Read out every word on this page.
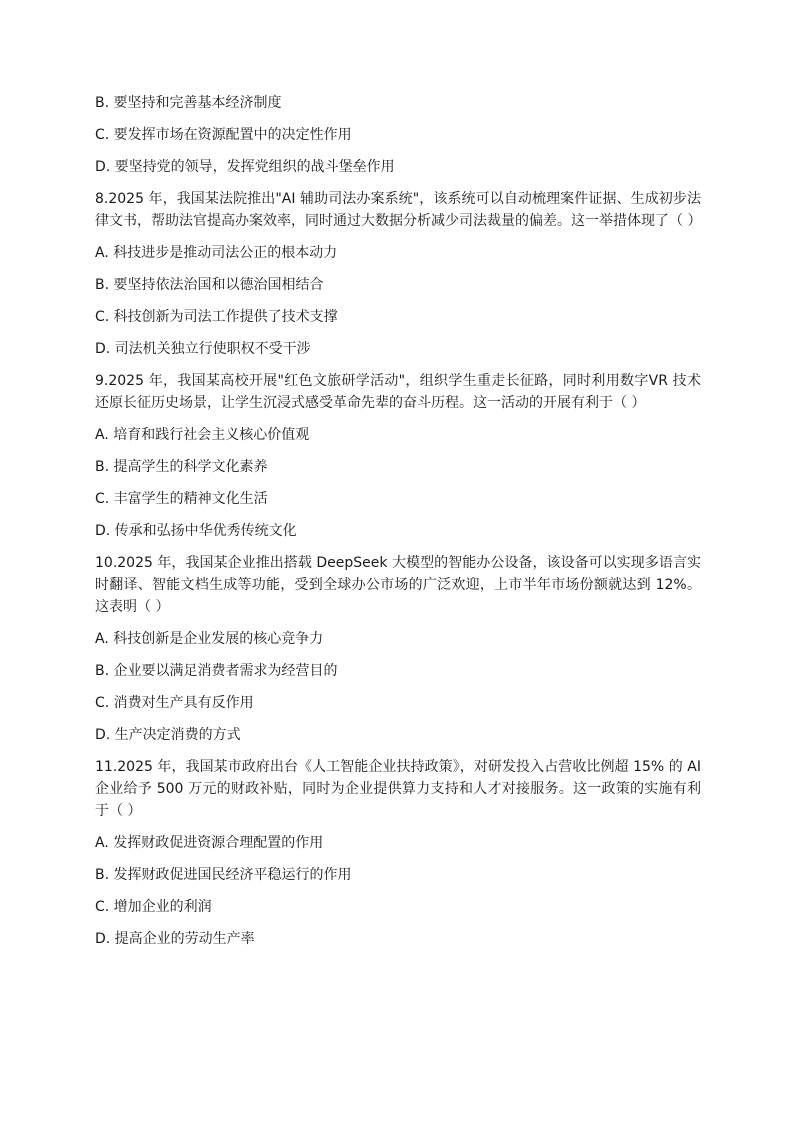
B. 要坚持和完善基本经济制度

C. 要发挥市场在资源配置中的决定性作用

D. 要坚持党的领导，发挥党组织的战斗堡垒作用

8.2025 年，我国某法院推出"AI 辅助司法办案系统"，该系统可以自动梳理案件证据、生成初步法律文书，帮助法官提高办案效率，同时通过大数据分析减少司法裁量的偏差。这一举措体现了（ ）

A. 科技进步是推动司法公正的根本动力

B. 要坚持依法治国和以德治国相结合

C. 科技创新为司法工作提供了技术支撑

D. 司法机关独立行使职权不受干涉

9.2025 年，我国某高校开展"红色文旅研学活动"，组织学生重走长征路，同时利用数字VR 技术还原长征历史场景，让学生沉浸式感受革命先辈的奋斗历程。这一活动的开展有利于（ ）

A. 培育和践行社会主义核心价值观

B. 提高学生的科学文化素养

C. 丰富学生的精神文化生活

D. 传承和弘扬中华优秀传统文化

10.2025 年，我国某企业推出搭载 DeepSeek 大模型的智能办公设备，该设备可以实现多语言实时翻译、智能文档生成等功能，受到全球办公市场的广泛欢迎，上市半年市场份额就达到 12%。这表明（ ）

A. 科技创新是企业发展的核心竞争力

B. 企业要以满足消费者需求为经营目的

C. 消费对生产具有反作用

D. 生产决定消费的方式

11.2025 年，我国某市政府出台《人工智能企业扶持政策》，对研发投入占营收比例超 15% 的 AI 企业给予 500 万元的财政补贴，同时为企业提供算力支持和人才对接服务。这一政策的实施有利于（ ）

A. 发挥财政促进资源合理配置的作用

B. 发挥财政促进国民经济平稳运行的作用

C. 增加企业的利润

D. 提高企业的劳动生产率
